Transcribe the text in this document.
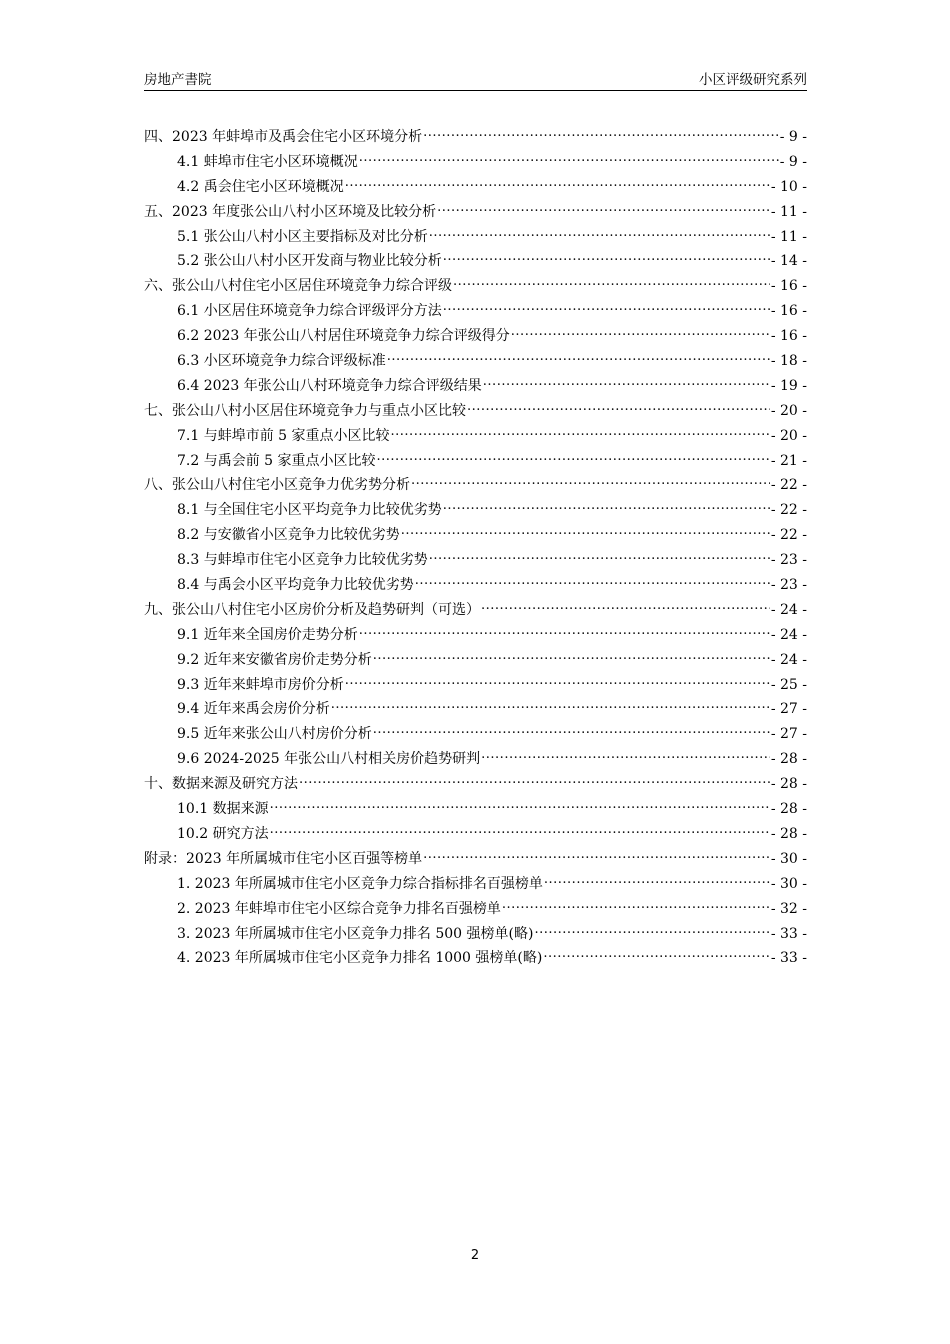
房地产書院	小区评级研究系列
四、2023 年蚌埠市及禹会住宅小区环境分析 .....	- 9 -
4.1 蚌埠市住宅小区环境概况 .....	- 9 -
4.2 禹会住宅小区环境概况 .....	- 10 -
五、2023 年度张公山八村小区环境及比较分析 .....	- 11 -
5.1 张公山八村小区主要指标及对比分析 .....	- 11 -
5.2 张公山八村小区开发商与物业比较分析 .....	- 14 -
六、张公山八村住宅小区居住环境竞争力综合评级 .....	- 16 -
6.1 小区居住环境竞争力综合评级评分方法 .....	- 16 -
6.2 2023 年张公山八村居住环境竞争力综合评级得分 .....	- 16 -
6.3 小区环境竞争力综合评级标准 .....	- 18 -
6.4 2023 年张公山八村环境竞争力综合评级结果 .....	- 19 -
七、张公山八村小区居住环境竞争力与重点小区比较 .....	- 20 -
7.1 与蚌埠市前 5 家重点小区比较 .....	- 20 -
7.2 与禹会前 5 家重点小区比较 .....	- 21 -
八、张公山八村住宅小区竞争力优劣势分析 .....	- 22 -
8.1 与全国住宅小区平均竞争力比较优劣势 .....	- 22 -
8.2 与安徽省小区竞争力比较优劣势 .....	- 22 -
8.3 与蚌埠市住宅小区竞争力比较优劣势 .....	- 23 -
8.4 与禹会小区平均竞争力比较优劣势 .....	- 23 -
九、张公山八村住宅小区房价分析及趋势研判（可选） .....	- 24 -
9.1 近年来全国房价走势分析 .....	- 24 -
9.2 近年来安徽省房价走势分析 .....	- 24 -
9.3 近年来蚌埠市房价分析 .....	- 25 -
9.4 近年来禹会房价分析 .....	- 27 -
9.5 近年来张公山八村房价分析 .....	- 27 -
9.6 2024-2025 年张公山八村相关房价趋势研判 .....	- 28 -
十、数据来源及研究方法 .....	- 28 -
10.1 数据来源 .....	- 28 -
10.2 研究方法 .....	- 28 -
附录：2023 年所属城市住宅小区百强等榜单 .....	- 30 -
1. 2023 年所属城市住宅小区竞争力综合指标排名百强榜单 .....	- 30 -
2. 2023 年蚌埠市住宅小区综合竞争力排名百强榜单 .....	- 32 -
3. 2023 年所属城市住宅小区竞争力排名 500 强榜单(略) .....	- 33 -
4. 2023 年所属城市住宅小区竞争力排名 1000 强榜单(略) .....	- 33 -
2
